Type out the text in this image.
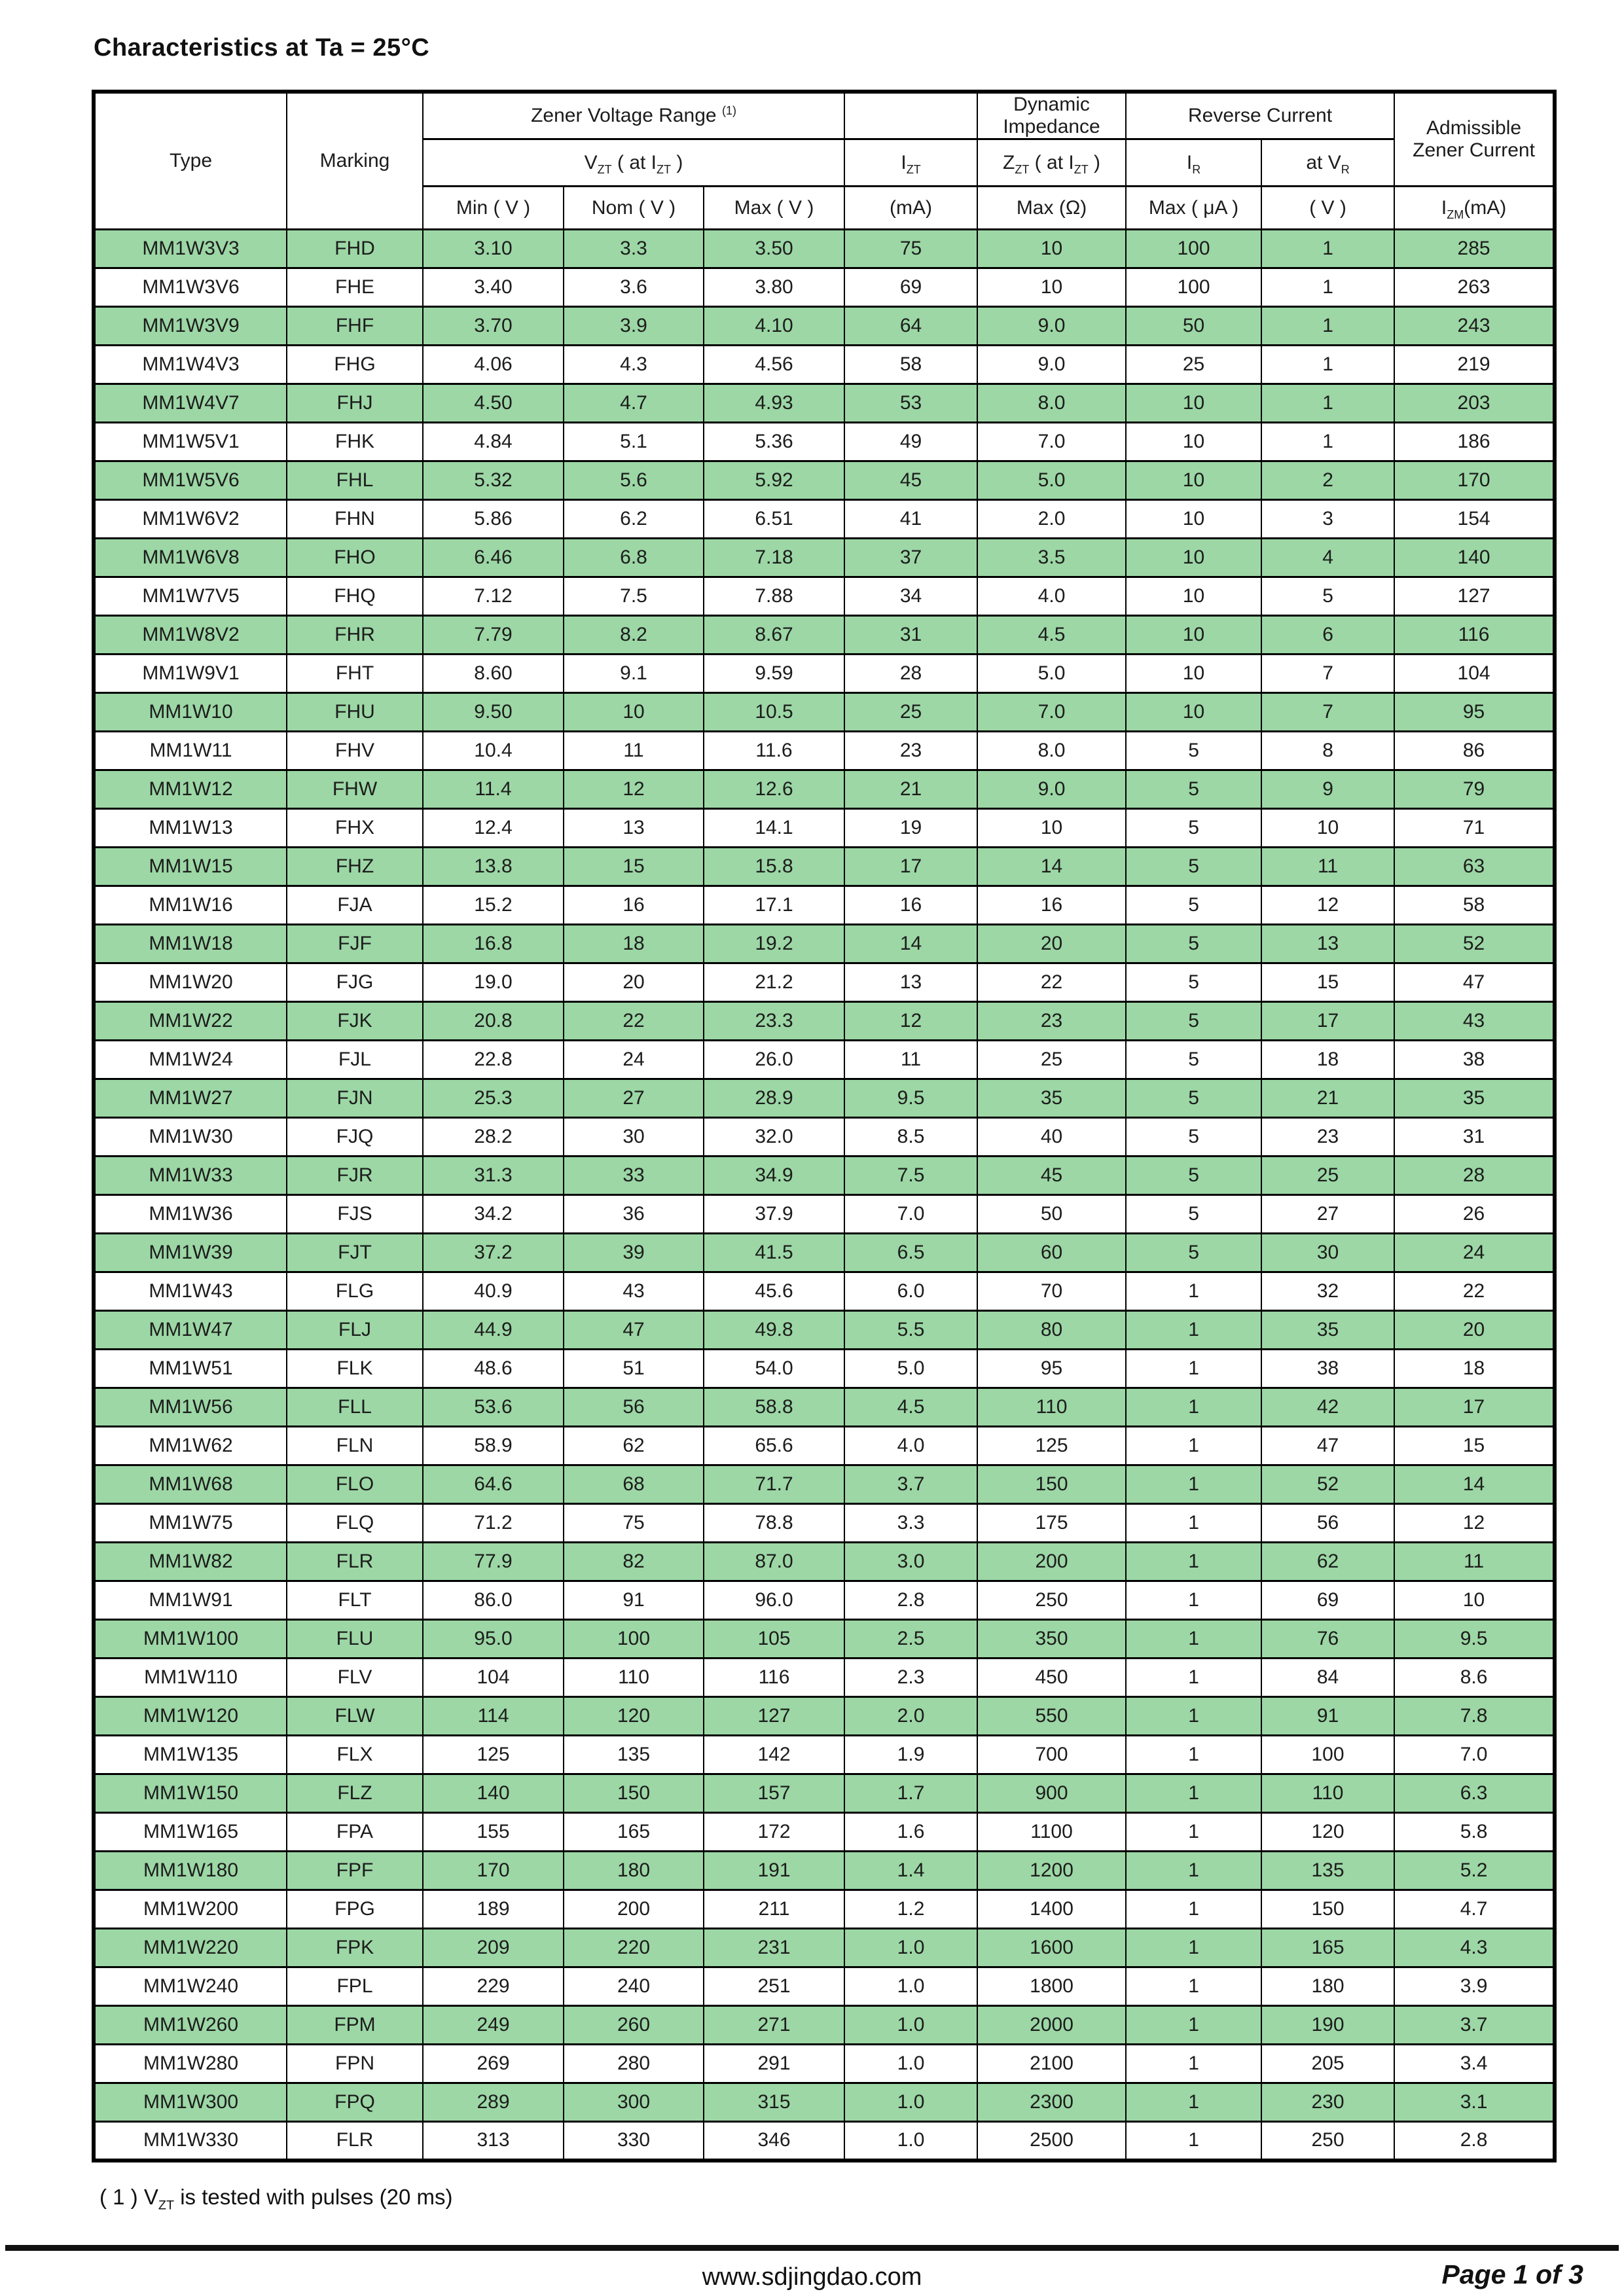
Characteristics at Ta = 25°C
Type	Marking	Zener Voltage Range $^{(1)}$				Dynamic Impedance	Reverse Current		Admissible Zener Current
		$V_{ZT}$ ( at $I_{ZT}$ )			$I_{ZT}$	$Z_{ZT}$ ( at $I_{ZT}$ )	$I_R$	at $V_R$
		Min ( V )	Nom ( V )	Max ( V )	(mA)	Max (Ω)	Max ( μA )	( V )	$I_{ZM}(mA)$
MM1W3V3	FHD	3.10	3.3	3.50	75	10	100	1	285
MM1W3V6	FHE	3.40	3.6	3.80	69	10	100	1	263
MM1W3V9	FHF	3.70	3.9	4.10	64	9.0	50	1	243
MM1W4V3	FHG	4.06	4.3	4.56	58	9.0	25	1	219
MM1W4V7	FHJ	4.50	4.7	4.93	53	8.0	10	1	203
MM1W5V1	FHK	4.84	5.1	5.36	49	7.0	10	1	186
MM1W5V6	FHL	5.32	5.6	5.92	45	5.0	10	2	170
MM1W6V2	FHN	5.86	6.2	6.51	41	2.0	10	3	154
MM1W6V8	FHO	6.46	6.8	7.18	37	3.5	10	4	140
MM1W7V5	FHQ	7.12	7.5	7.88	34	4.0	10	5	127
MM1W8V2	FHR	7.79	8.2	8.67	31	4.5	10	6	116
MM1W9V1	FHT	8.60	9.1	9.59	28	5.0	10	7	104
MM1W10	FHU	9.50	10	10.5	25	7.0	10	7	95
MM1W11	FHV	10.4	11	11.6	23	8.0	5	8	86
MM1W12	FHW	11.4	12	12.6	21	9.0	5	9	79
MM1W13	FHX	12.4	13	14.1	19	10	5	10	71
MM1W15	FHZ	13.8	15	15.8	17	14	5	11	63
MM1W16	FJA	15.2	16	17.1	16	16	5	12	58
MM1W18	FJF	16.8	18	19.2	14	20	5	13	52
MM1W20	FJG	19.0	20	21.2	13	22	5	15	47
MM1W22	FJK	20.8	22	23.3	12	23	5	17	43
MM1W24	FJL	22.8	24	26.0	11	25	5	18	38
MM1W27	FJN	25.3	27	28.9	9.5	35	5	21	35
MM1W30	FJQ	28.2	30	32.0	8.5	40	5	23	31
MM1W33	FJR	31.3	33	34.9	7.5	45	5	25	28
MM1W36	FJS	34.2	36	37.9	7.0	50	5	27	26
MM1W39	FJT	37.2	39	41.5	6.5	60	5	30	24
MM1W43	FLG	40.9	43	45.6	6.0	70	1	32	22
MM1W47	FLJ	44.9	47	49.8	5.5	80	1	35	20
MM1W51	FLK	48.6	51	54.0	5.0	95	1	38	18
MM1W56	FLL	53.6	56	58.8	4.5	110	1	42	17
MM1W62	FLN	58.9	62	65.6	4.0	125	1	47	15
MM1W68	FLO	64.6	68	71.7	3.7	150	1	52	14
MM1W75	FLQ	71.2	75	78.8	3.3	175	1	56	12
MM1W82	FLR	77.9	82	87.0	3.0	200	1	62	11
MM1W91	FLT	86.0	91	96.0	2.8	250	1	69	10
MM1W100	FLU	95.0	100	105	2.5	350	1	76	9.5
MM1W110	FLV	104	110	116	2.3	450	1	84	8.6
MM1W120	FLW	114	120	127	2.0	550	1	91	7.8
MM1W135	FLX	125	135	142	1.9	700	1	100	7.0
MM1W150	FLZ	140	150	157	1.7	900	1	110	6.3
MM1W165	FPA	155	165	172	1.6	1100	1	120	5.8
MM1W180	FPF	170	180	191	1.4	1200	1	135	5.2
MM1W200	FPG	189	200	211	1.2	1400	1	150	4.7
MM1W220	FPK	209	220	231	1.0	1600	1	165	4.3
MM1W240	FPL	229	240	251	1.0	1800	1	180	3.9
MM1W260	FPM	249	260	271	1.0	2000	1	190	3.7
MM1W280	FPN	269	280	291	1.0	2100	1	205	3.4
MM1W300	FPQ	289	300	315	1.0	2300	1	230	3.1
MM1W330	FLR	313	330	346	1.0	2500	1	250	2.8
( 1 ) $V_{ZT}$ is tested with pulses (20 ms)
www.sdjingdao.com	Page 1 of 3
